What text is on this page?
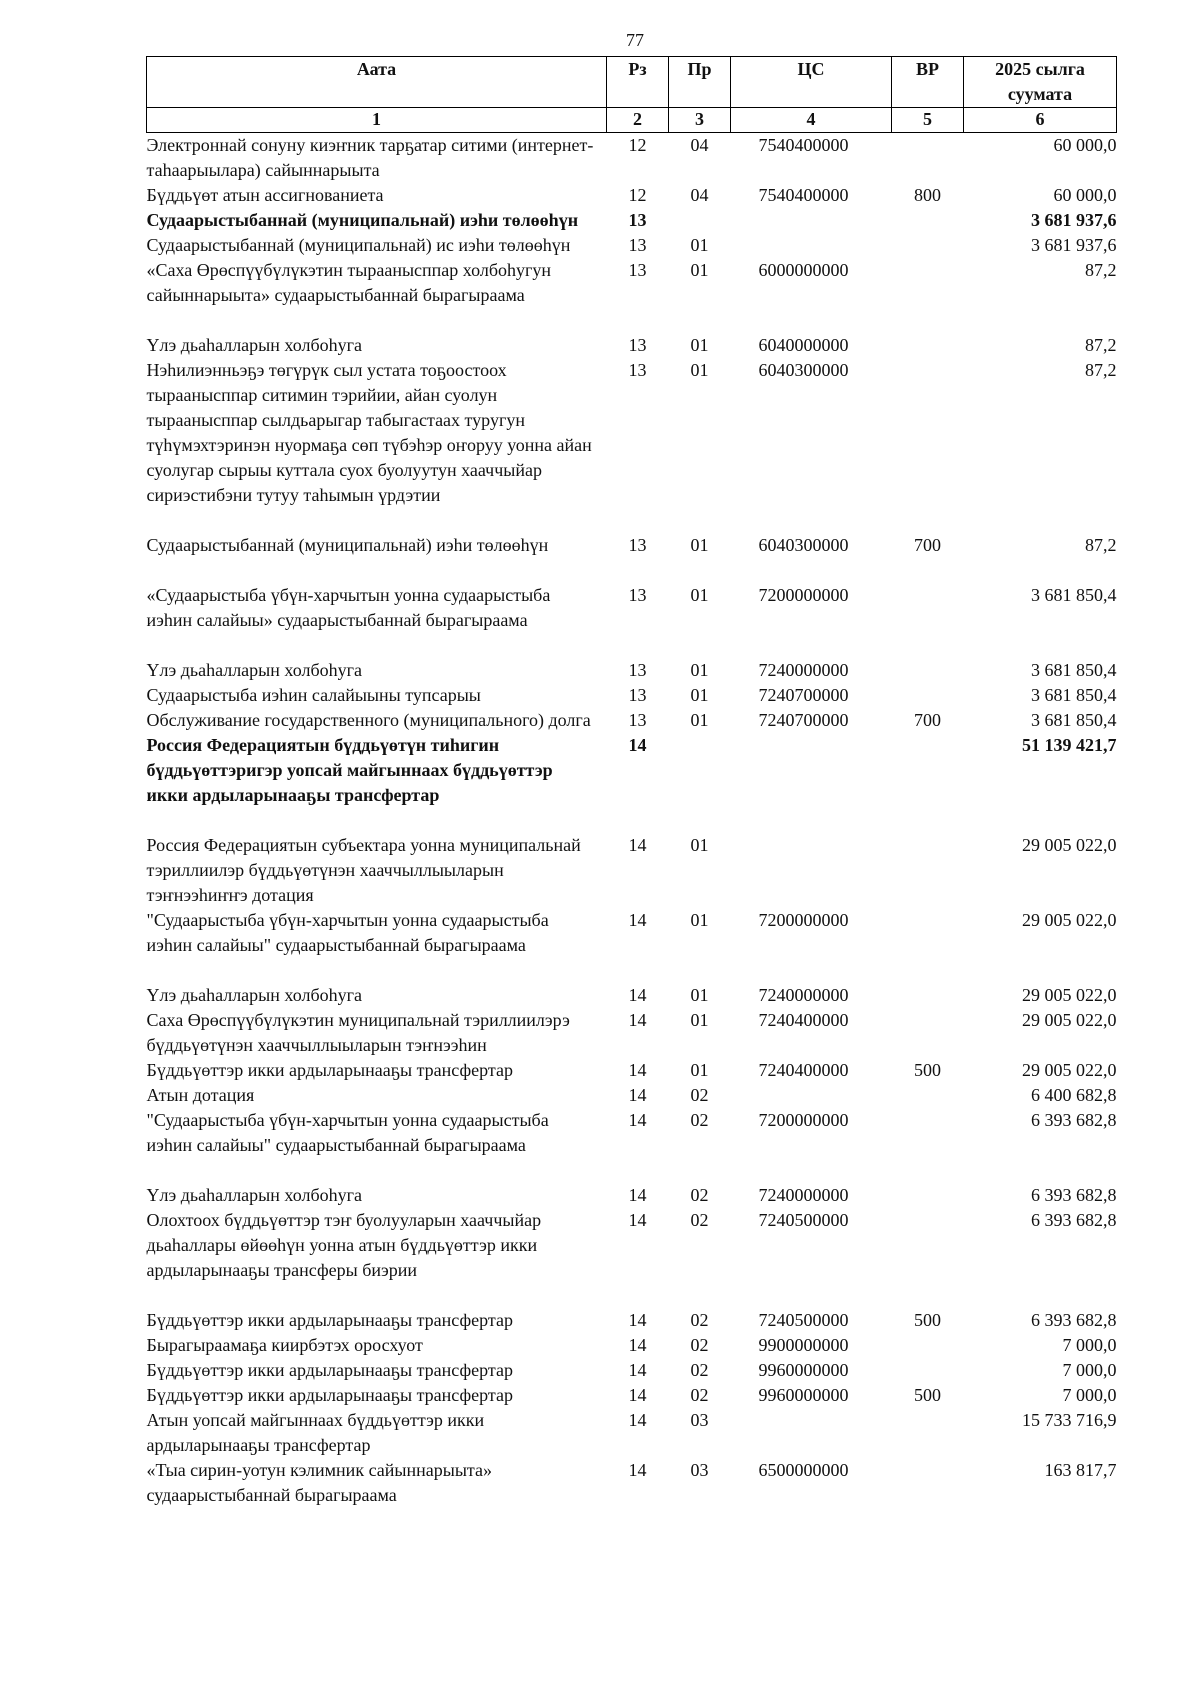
77
Аата	Рз	Пр	ЦС	ВР	2025 сылга суумата
1	2	3	4	5	6
Электроннай сонуну киэҥник тарҕатар ситими (интернет-таһаарыылара) сайыннарыыта	12	04	7540400000		60 000,0
Бүддьүөт атын ассигнованиета	12	04	7540400000	800	60 000,0
Судаарыстыбаннай (муниципальнай) иэһи төлөөһүн	13				3 681 937,6
Судаарыстыбаннай (муниципальнай) ис иэһи төлөөһүн	13	01			3 681 937,6
«Саха Өрөспүүбүлүкэтин тыраанысппар холбоһугун сайыннарыыта» судаарыстыбаннай бырагыраама	13	01	6000000000		87,2
Үлэ дьаһалларын холбоһуга	13	01	6040000000		87,2
Нэһилиэнньэҕэ төгүрүк сыл устата тоҕоостоох тыраанысппар ситимин тэрийии, айан суолун тыраанысппар сылдьарыгар табыгастаах туругун түһүмэхтэринэн нуормаҕа сөп түбэһэр оҥоруу уонна айан суолугар сырыы куттала суох буолуутун хааччыйар сириэстибэни тутуу таһымын үрдэтии	13	01	6040300000		87,2
Судаарыстыбаннай (муниципальнай) иэһи төлөөһүн	13	01	6040300000	700	87,2
«Судаарыстыба үбүн-харчытын уонна судаарыстыба иэһин салайыы» судаарыстыбаннай бырагыраама	13	01	7200000000		3 681 850,4
Үлэ дьаһалларын холбоһуга	13	01	7240000000		3 681 850,4
Судаарыстыба иэһин салайыыны тупсарыы	13	01	7240700000		3 681 850,4
Обслуживание государственного (муниципального) долга	13	01	7240700000	700	3 681 850,4
Россия Федерациятын бүддьүөтүн тиһигин бүддьүөттэригэр уопсай майгыннаах бүддьүөттэр икки ардыларынааҕы трансфертар	14				51 139 421,7
Россия Федерациятын субъектара уонна муниципальнай тэриллиилэр бүддьүөтүнэн хааччыллыыларын тэҥнээһиҥҥэ дотация	14	01			29 005 022,0
"Судаарыстыба үбүн-харчытын уонна судаарыстыба иэһин салайыы" судаарыстыбаннай бырагыраама	14	01	7200000000		29 005 022,0
Үлэ дьаһалларын холбоһуга	14	01	7240000000		29 005 022,0
Саха Өрөспүүбүлүкэтин муниципальнай тэриллиилэрэ бүддьүөтүнэн хааччыллыыларын тэҥнээһин	14	01	7240400000		29 005 022,0
Бүддьүөттэр икки ардыларынааҕы трансфертар	14	01	7240400000	500	29 005 022,0
Атын дотация	14	02			6 400 682,8
"Судаарыстыба үбүн-харчытын уонна судаарыстыба иэһин салайыы" судаарыстыбаннай бырагыраама	14	02	7200000000		6 393 682,8
Үлэ дьаһалларын холбоһуга	14	02	7240000000		6 393 682,8
Олохтоох бүддьүөттэр тэҥ буолууларын хааччыйар дьаһаллары өйөөһүн уонна атын бүддьүөттэр икки ардыларынааҕы трансферы биэрии	14	02	7240500000		6 393 682,8
Бүддьүөттэр икки ардыларынааҕы трансфертар	14	02	7240500000	500	6 393 682,8
Бырагыраамаҕа киирбэтэх оросхуот	14	02	9900000000		7 000,0
Бүддьүөттэр икки ардыларынааҕы трансфертар	14	02	9960000000		7 000,0
Бүддьүөттэр икки ардыларынааҕы трансфертар	14	02	9960000000	500	7 000,0
Атын уопсай майгыннаах бүддьүөттэр икки ардыларынааҕы трансфертар	14	03			15 733 716,9
«Тыа сирин-уотун кэлимник сайыннарыыта» судаарыстыбаннай бырагыраама	14	03	6500000000		163 817,7
